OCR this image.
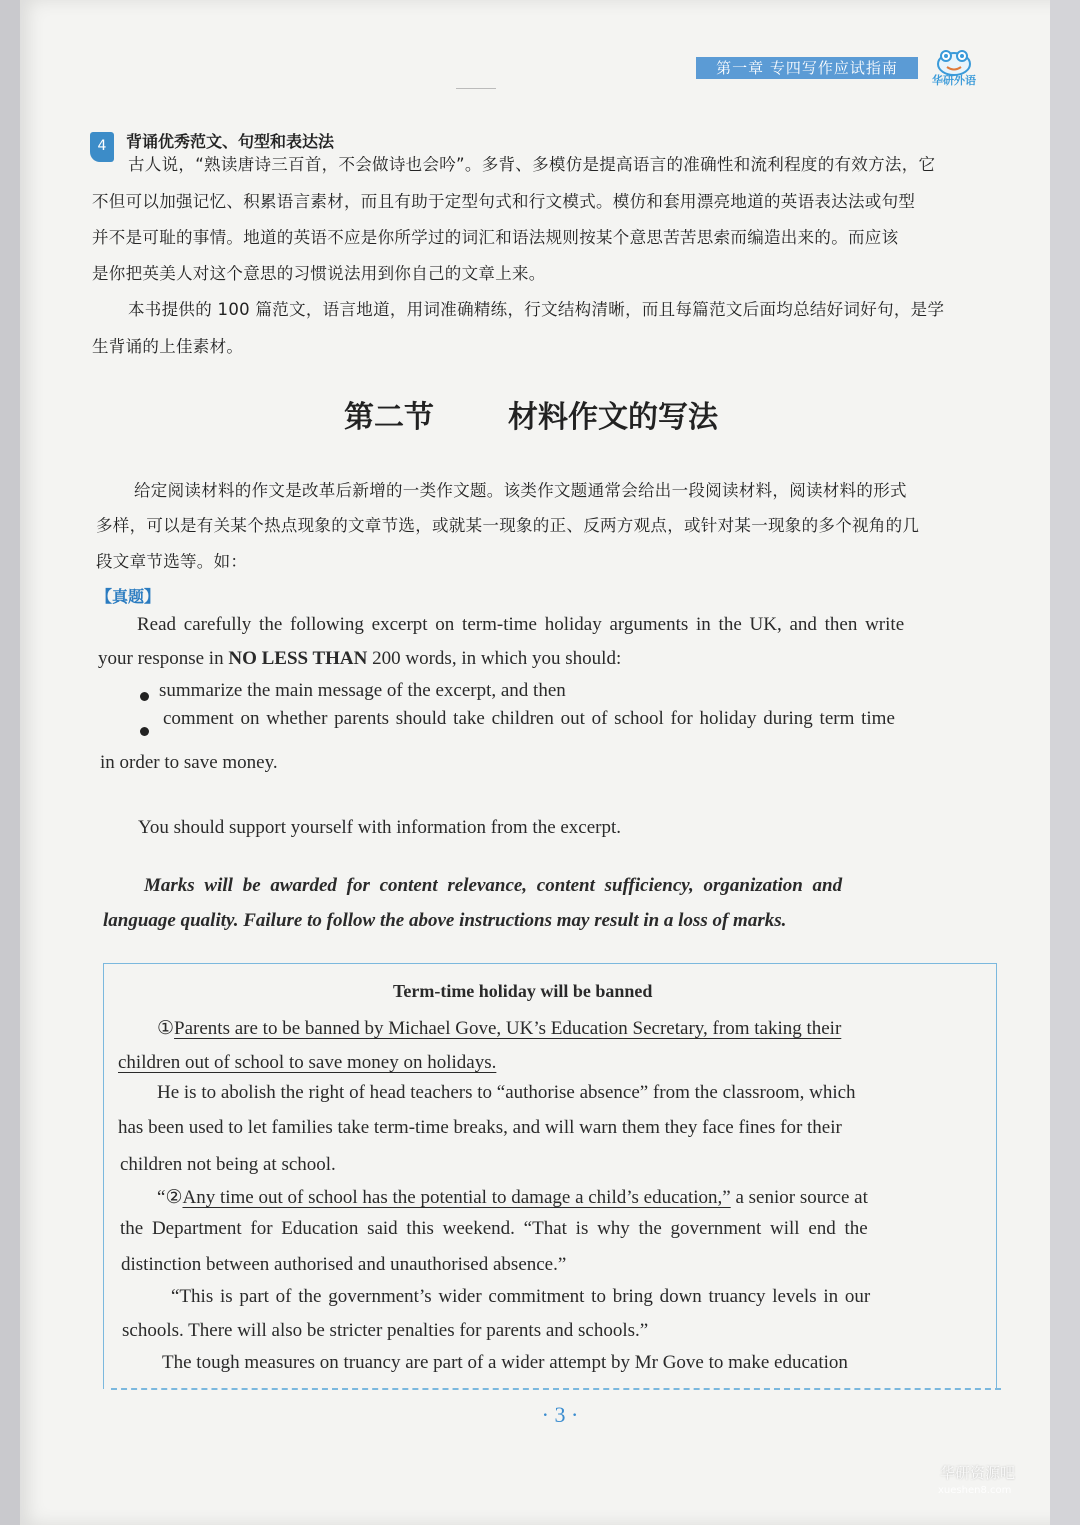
第一章 专四写作应试指南
华研外语
4	背诵优秀范文、句型和表达法
古人说，“熟读唐诗三百首，不会做诗也会吟”。多背、多模仿是提高语言的准确性和流利程度的有效方法，它
不但可以加强记忆、积累语言素材，而且有助于定型句式和行文模式。模仿和套用漂亮地道的英语表达法或句型
并不是可耻的事情。地道的英语不应是你所学过的词汇和语法规则按某个意思苦苦思索而编造出来的。而应该
是你把英美人对这个意思的习惯说法用到你自己的文章上来。
本书提供的 100 篇范文，语言地道，用词准确精练，行文结构清晰，而且每篇范文后面均总结好词好句，是学
生背诵的上佳素材。
第二节 材料作文的写法
给定阅读材料的作文是改革后新增的一类作文题。该类作文题通常会给出一段阅读材料，阅读材料的形式
多样，可以是有关某个热点现象的文章节选，或就某一现象的正、反两方观点，或针对某一现象的多个视角的几
段文章节选等。如：
【真题】
Read carefully the following excerpt on term-time holiday arguments in the UK, and then write
your response in NO LESS THAN 200 words, in which you should:
summarize the main message of the excerpt, and then
comment on whether parents should take children out of school for holiday during term time
in order to save money.
You should support yourself with information from the excerpt.
Marks will be awarded for content relevance, content sufficiency, organization and
language quality. Failure to follow the above instructions may result in a loss of marks.
Term-time holiday will be banned
①Parents are to be banned by Michael Gove, UK’s Education Secretary, from taking their
children out of school to save money on holidays.
He is to abolish the right of head teachers to “authorise absence” from the classroom, which
has been used to let families take term-time breaks, and will warn them they face fines for their
children not being at school.
“②Any time out of school has the potential to damage a child’s education,” a senior source at
the Department for Education said this weekend. “That is why the government will end the
distinction between authorised and unauthorised absence.”
“This is part of the government’s wider commitment to bring down truancy levels in our
schools. There will also be stricter penalties for parents and schools.”
The tough measures on truancy are part of a wider attempt by Mr Gove to make education
· 3 ·
华研资源吧
xueshen8.com
